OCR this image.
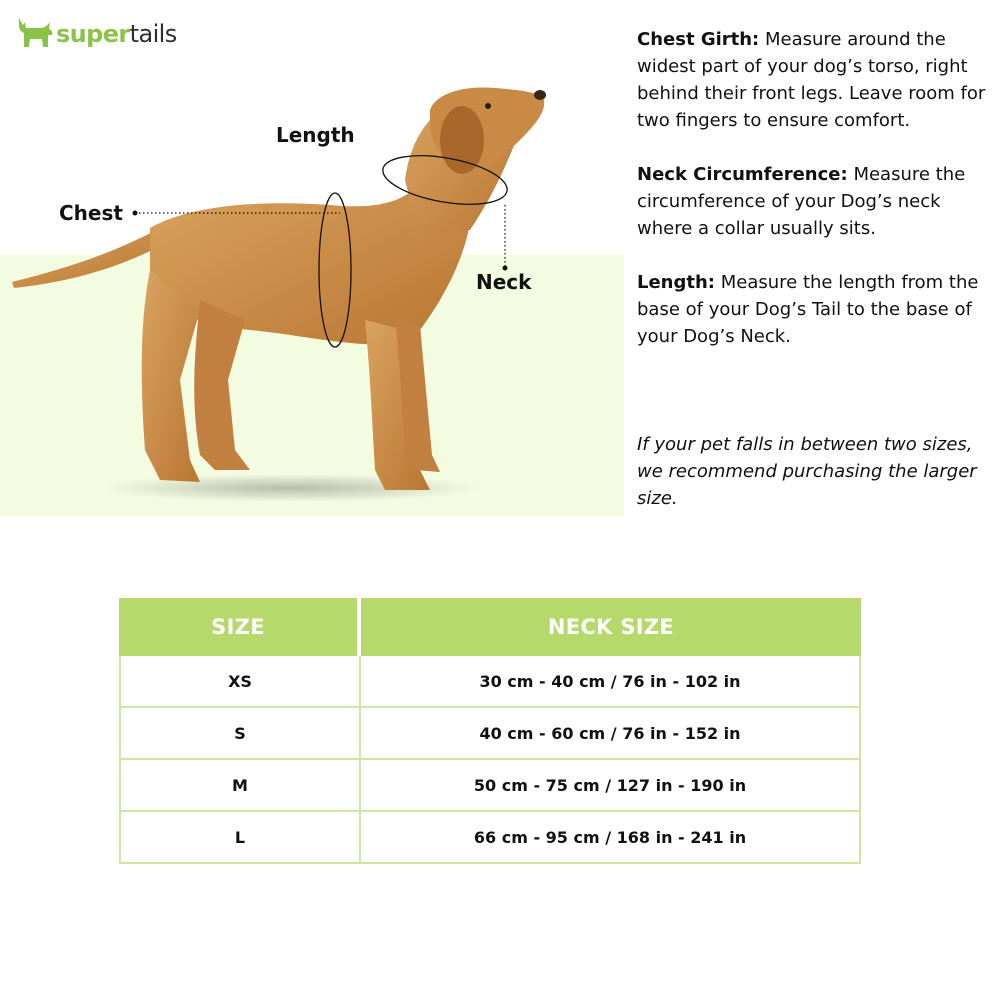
supertails
Length
Chest
Neck

Chest Girth: Measure around the widest part of your dog’s torso, right behind their front legs. Leave room for two fingers to ensure comfort.

Neck Circumference: Measure the circumference of your Dog’s neck where a collar usually sits.

Length: Measure the length from the base of your Dog’s Tail to the base of your Dog’s Neck.

If your pet falls in between two sizes, we recommend purchasing the larger size.

SIZE	NECK SIZE
XS	30 cm - 40 cm / 76 in - 102 in
S	40 cm - 60 cm / 76 in - 152 in
M	50 cm - 75 cm / 127 in - 190 in
L	66 cm - 95 cm / 168 in - 241 in
